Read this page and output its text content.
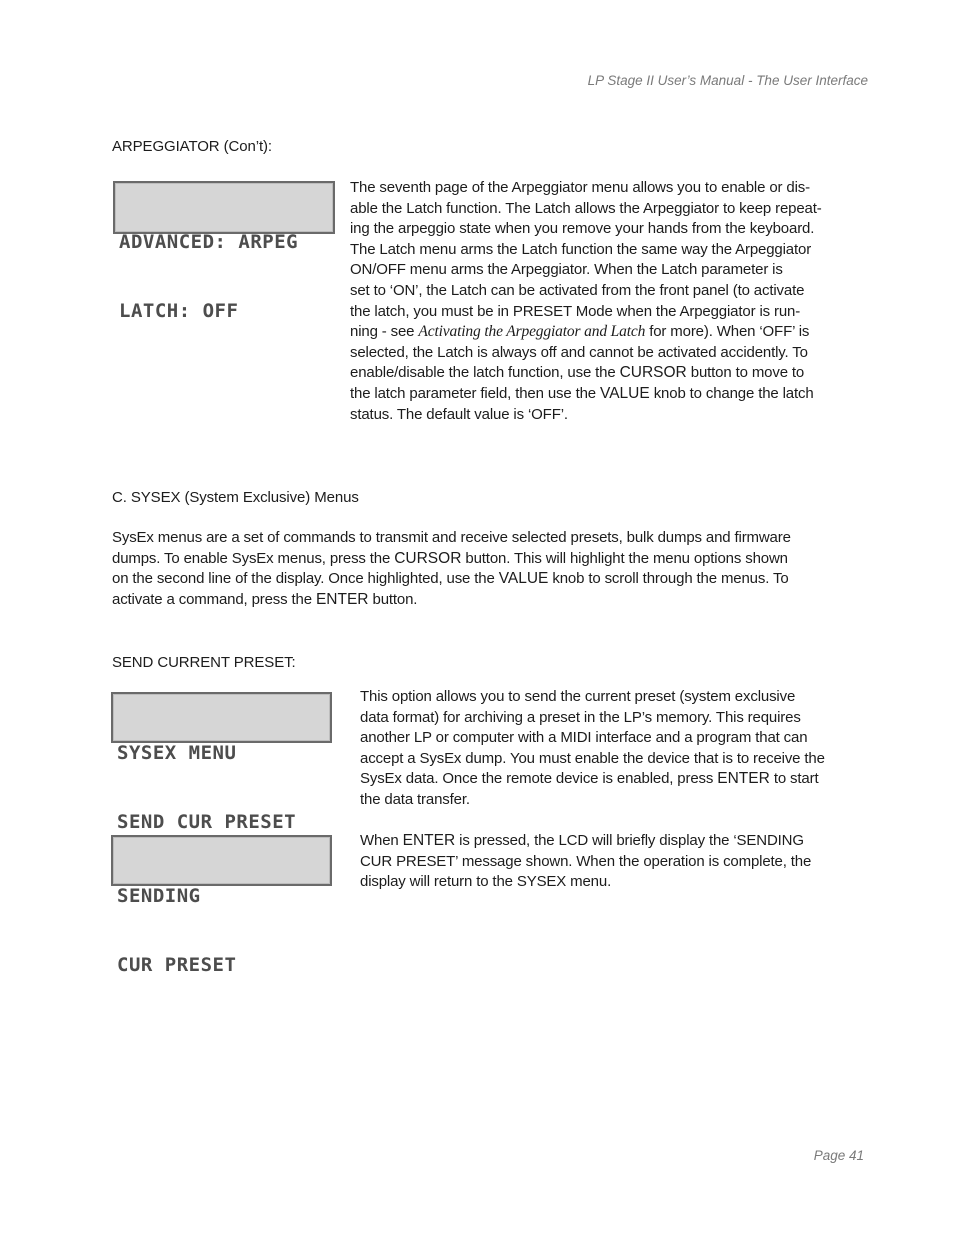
LP Stage II User’s Manual - The User Interface
ARPEGGIATOR (Con’t):

ADVANCED: ARPEG

LATCH: OFF

The seventh page of the Arpeggiator menu allows you to enable or dis-
able the Latch function. The Latch allows the Arpeggiator to keep repeat-
ing the arpeggio state when you remove your hands from the keyboard.
The Latch menu arms the Latch function the same way the Arpeggiator
ON/OFF menu arms the Arpeggiator. When the Latch parameter is
set to ‘ON’, the Latch can be activated from the front panel (to activate
the latch, you must be in PRESET Mode when the Arpeggiator is run-
ning - see Activating the Arpeggiator and Latch for more). When ‘OFF’ is
selected, the Latch is always off and cannot be activated accidently. To
enable/disable the latch function, use the CURSOR button to move to
the latch parameter field, then use the VALUE knob to change the latch
status. The default value is ‘OFF’.
C. SYSEX (System Exclusive) Menus
SysEx menus are a set of commands to transmit and receive selected presets, bulk dumps and firmware
dumps. To enable SysEx menus, press the CURSOR button. This will highlight the menu options shown
on the second line of the display. Once highlighted, use the VALUE knob to scroll through the menus. To
activate a command, press the ENTER button.
SEND CURRENT PRESET:

SYSEX MENU

SEND CUR PRESET

This option allows you to send the current preset (system exclusive
data format) for archiving a preset in the LP’s memory. This requires
another LP or computer with a MIDI interface and a program that can
accept a SysEx dump. You must enable the device that is to receive the
SysEx data. Once the remote device is enabled, press ENTER to start
the data transfer.

SENDING

CUR PRESET

When ENTER is pressed, the LCD will briefly display the ‘SENDING
CUR PRESET’ message shown. When the operation is complete, the
display will return to the SYSEX menu.
Page 41
